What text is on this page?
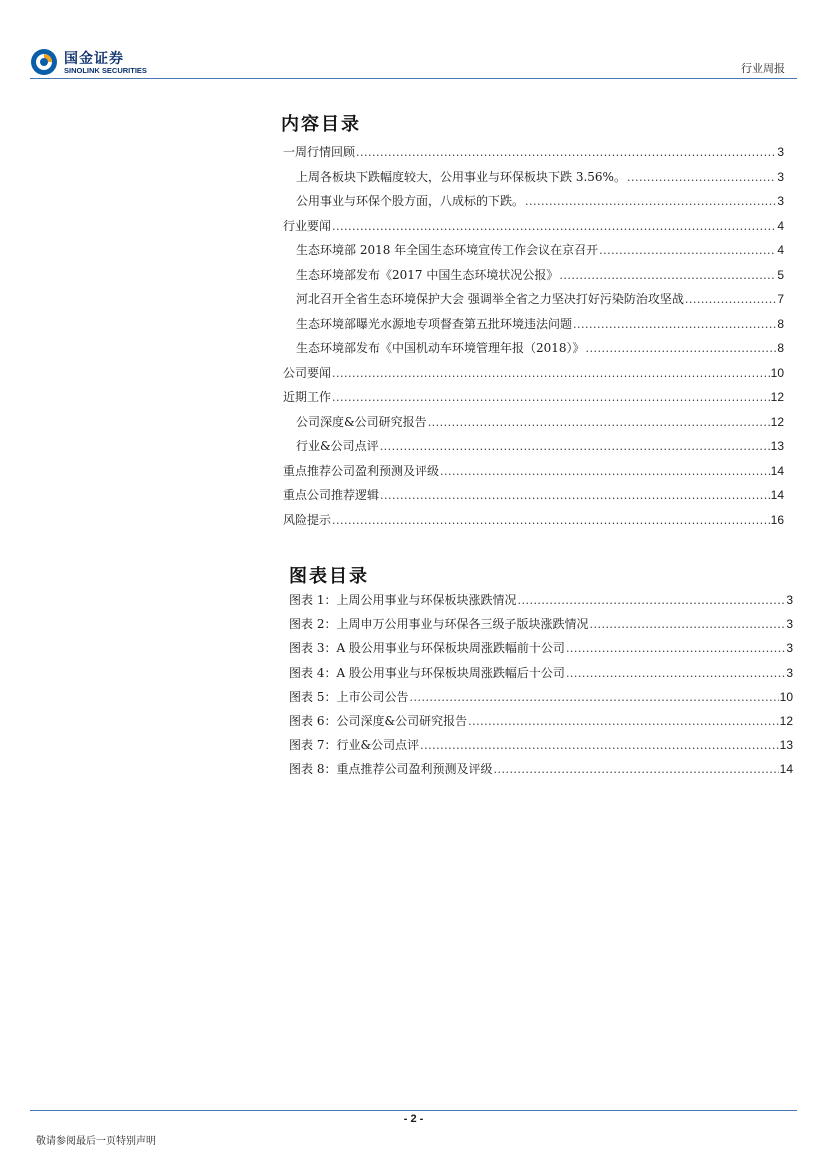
国金证券
SINOLINK SECURITIES	行业周报
内容目录
一周行情回顾 .....	3
上周各板块下跌幅度较大，公用事业与环保板块下跌 3.56%。 .....	3
公用事业与环保个股方面，八成标的下跌。 .....	3
行业要闻 .....	4
生态环境部 2018 年全国生态环境宣传工作会议在京召开 .....	4
生态环境部发布《2017 中国生态环境状况公报》 .....	5
河北召开全省生态环境保护大会 强调举全省之力坚决打好污染防治攻坚战 .....	7
生态环境部曝光水源地专项督查第五批环境违法问题 .....	8
生态环境部发布《中国机动车环境管理年报（2018）》 .....	8
公司要闻 .....	10
近期工作 .....	12
公司深度&公司研究报告 .....	12
行业&公司点评 .....	13
重点推荐公司盈利预测及评级 .....	14
重点公司推荐逻辑 .....	14
风险提示 .....	16
图表目录
图表 1：上周公用事业与环保板块涨跌情况 .....	3
图表 2：上周申万公用事业与环保各三级子版块涨跌情况 .....	3
图表 3：A 股公用事业与环保板块周涨跌幅前十公司 .....	3
图表 4：A 股公用事业与环保板块周涨跌幅后十公司 .....	3
图表 5：上市公司公告 .....	10
图表 6：公司深度&公司研究报告 .....	12
图表 7：行业&公司点评 .....	13
图表 8：重点推荐公司盈利预测及评级 .....	14
- 2 -
敬请参阅最后一页特别声明
